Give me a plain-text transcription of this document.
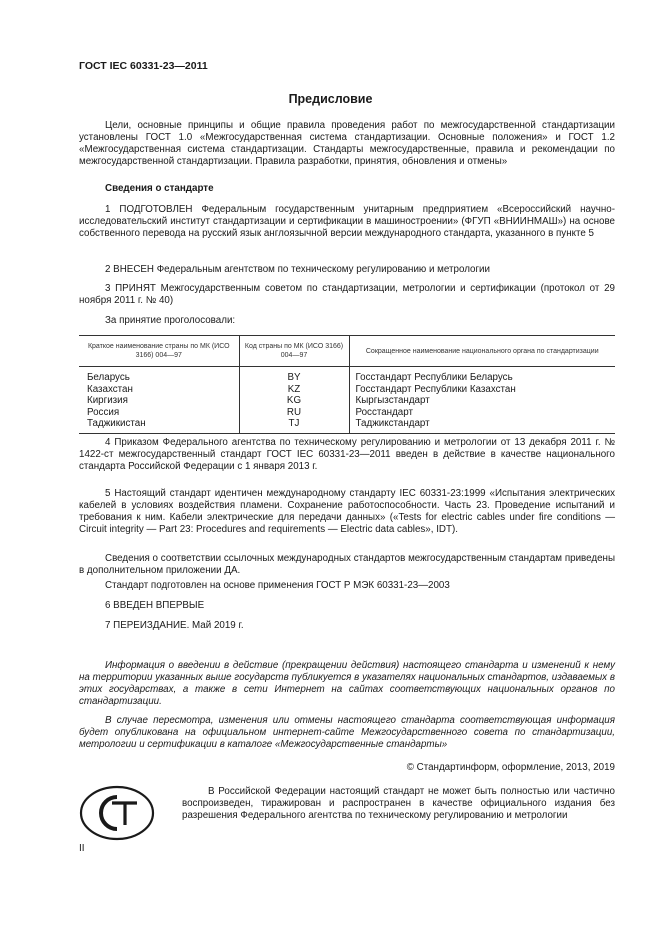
ГОСТ IEC 60331-23—2011
Предисловие
Цели, основные принципы и общие правила проведения работ по межгосударственной стандартизации установлены ГОСТ 1.0 «Межгосударственная система стандартизации. Основные положения» и ГОСТ 1.2 «Межгосударственная система стандартизации. Стандарты межгосударственные, правила и рекомендации по межгосударственной стандартизации. Правила разработки, принятия, обновления и отмены»
Сведения о стандарте
1 ПОДГОТОВЛЕН Федеральным государственным унитарным предприятием «Всероссийский научно-исследовательский институт стандартизации и сертификации в машиностроении» (ФГУП «ВНИИНМАШ») на основе собственного перевода на русский язык англоязычной версии международного стандарта, указанного в пункте 5
2 ВНЕСЕН Федеральным агентством по техническому регулированию и метрологии
3 ПРИНЯТ Межгосударственным советом по стандартизации, метрологии и сертификации (протокол от 29 ноября 2011 г. № 40)
За принятие проголосовали:
Краткое наименование страны по МК (ИСО 3166) 004—97	Код страны по МК (ИСО 3166) 004—97	Сокращенное наименование национального органа по стандартизации
Беларусь	BY	Госстандарт Республики Беларусь
Казахстан	KZ	Госстандарт Республики Казахстан
Киргизия	KG	Кыргызстандарт
Россия	RU	Росстандарт
Таджикистан	TJ	Таджикстандарт
4 Приказом Федерального агентства по техническому регулированию и метрологии от 13 декабря 2011 г. № 1422-ст межгосударственный стандарт ГОСТ IEC 60331-23—2011 введен в действие в качестве национального стандарта Российской Федерации с 1 января 2013 г.
5 Настоящий стандарт идентичен международному стандарту IEC 60331-23:1999 «Испытания электрических кабелей в условиях воздействия пламени. Сохранение работоспособности. Часть 23. Проведение испытаний и требования к ним. Кабели электрические для передачи данных» («Tests for electric cables under fire conditions — Circuit integrity — Part 23: Procedures and requirements — Electric data cables», IDT).
Сведения о соответствии ссылочных международных стандартов межгосударственным стандартам приведены в дополнительном приложении ДА.
Стандарт подготовлен на основе применения ГОСТ Р МЭК 60331-23—2003
6 ВВЕДЕН ВПЕРВЫЕ
7 ПЕРЕИЗДАНИЕ. Май 2019 г.
Информация о введении в действие (прекращении действия) настоящего стандарта и изменений к нему на территории указанных выше государств публикуется в указателях национальных стандартов, издаваемых в этих государствах, а также в сети Интернет на сайтах соответствующих национальных органов по стандартизации.
В случае пересмотра, изменения или отмены настоящего стандарта соответствующая информация будет опубликована на официальном интернет-сайте Межгосударственного совета по стандартизации, метрологии и сертификации в каталоге «Межгосударственные стандарты»
© Стандартинформ, оформление, 2013, 2019
В Российской Федерации настоящий стандарт не может быть полностью или частично воспроизведен, тиражирован и распространен в качестве официального издания без разрешения Федерального агентства по техническому регулированию и метрологии
II
